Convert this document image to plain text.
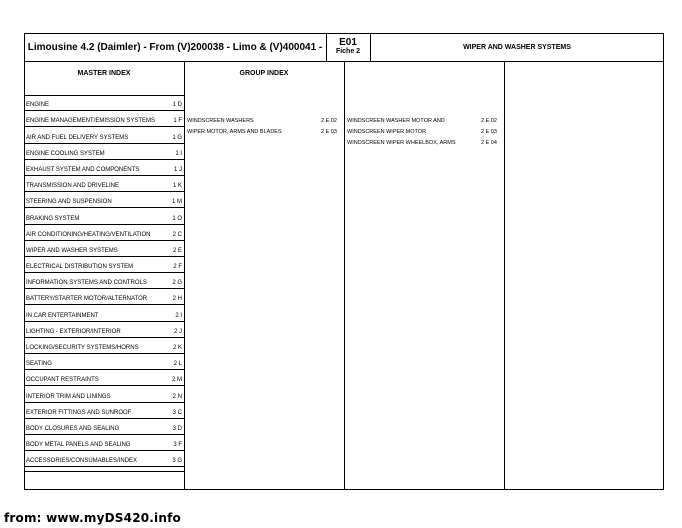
Limousine 4.2 (Daimler) - From (V)200038 - Limo & (V)400041 -	E01
Fiche 2
WIPER AND WASHER SYSTEMS
MASTER INDEX	GROUP INDEX
ENGINE	1 D
ENGINE MANAGEMENT/EMISSION SYSTEMS	1 F
AIR AND FUEL DELIVERY SYSTEMS	1 G
ENGINE COOLING SYSTEM	1 I
EXHAUST SYSTEM AND COMPONENTS	1 J
TRANSMISSION AND DRIVELINE	1 K
STEERING AND SUSPENSION	1 M
BRAKING SYSTEM	1 O
AIR CONDITIONING/HEATING/VENTILATION	2 C
WIPER AND WASHER SYSTEMS	2 E
ELECTRICAL DISTRIBUTION SYSTEM	2 F
INFORMATION SYSTEMS AND CONTROLS	2 G
BATTERY/STARTER MOTOR/ALTERNATOR	2 H
IN CAR ENTERTAINMENT	2 I
LIGHTING - EXTERIOR/INTERIOR	2 J
LOCKING/SECURITY SYSTEMS/HORNS	2 K
SEATING	2 L
OCCUPANT RESTRAINTS	2 M
INTERIOR TRIM AND LININGS	2 N
EXTERIOR FITTINGS AND SUNROOF	3 C
BODY CLOSURES AND SEALING	3 D
BODY METAL PANELS AND SEALING	3 F
ACCESSORIES/CONSUMABLES/INDEX	3 G
WINDSCREEN WASHERS	2 E 02
WIPER MOTOR, ARMS AND BLADES	2 E 03
WINDSCREEN WASHER MOTOR AND	2 E 02
WINDSCREEN WIPER MOTOR	2 E 03
WINDSCREEN WIPER WHEELBOX, ARMS	2 E 04
from: www.myDS420.info
